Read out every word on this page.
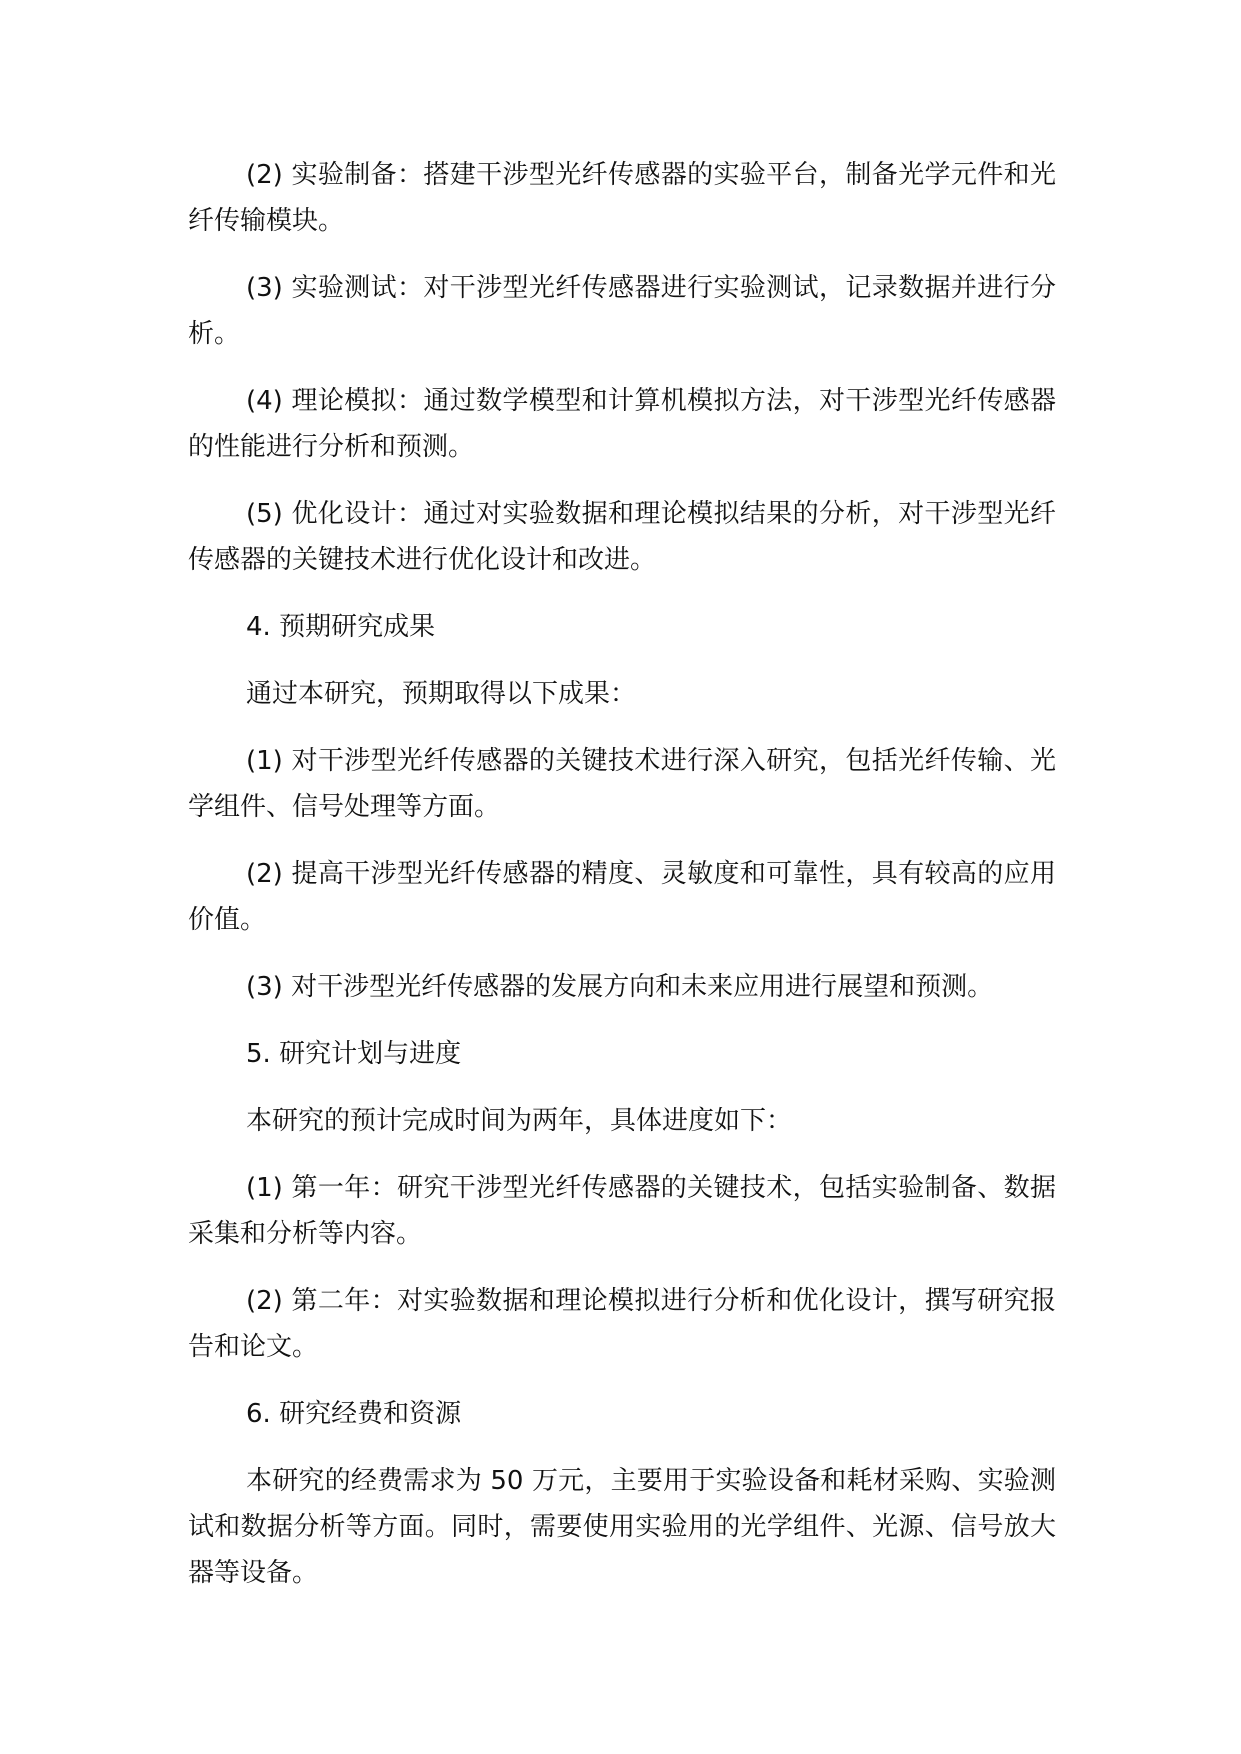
(2) 实验制备：搭建干涉型光纤传感器的实验平台，制备光学元件和光纤传输模块。

(3) 实验测试：对干涉型光纤传感器进行实验测试，记录数据并进行分析。

(4) 理论模拟：通过数学模型和计算机模拟方法，对干涉型光纤传感器的性能进行分析和预测。

(5) 优化设计：通过对实验数据和理论模拟结果的分析，对干涉型光纤传感器的关键技术进行优化设计和改进。

4. 预期研究成果

通过本研究，预期取得以下成果：

(1) 对干涉型光纤传感器的关键技术进行深入研究，包括光纤传输、光学组件、信号处理等方面。

(2) 提高干涉型光纤传感器的精度、灵敏度和可靠性，具有较高的应用价值。

(3) 对干涉型光纤传感器的发展方向和未来应用进行展望和预测。

5. 研究计划与进度

本研究的预计完成时间为两年，具体进度如下：

(1) 第一年：研究干涉型光纤传感器的关键技术，包括实验制备、数据采集和分析等内容。

(2) 第二年：对实验数据和理论模拟进行分析和优化设计，撰写研究报告和论文。

6. 研究经费和资源

本研究的经费需求为 50 万元，主要用于实验设备和耗材采购、实验测试和数据分析等方面。同时，需要使用实验用的光学组件、光源、信号放大器等设备。
